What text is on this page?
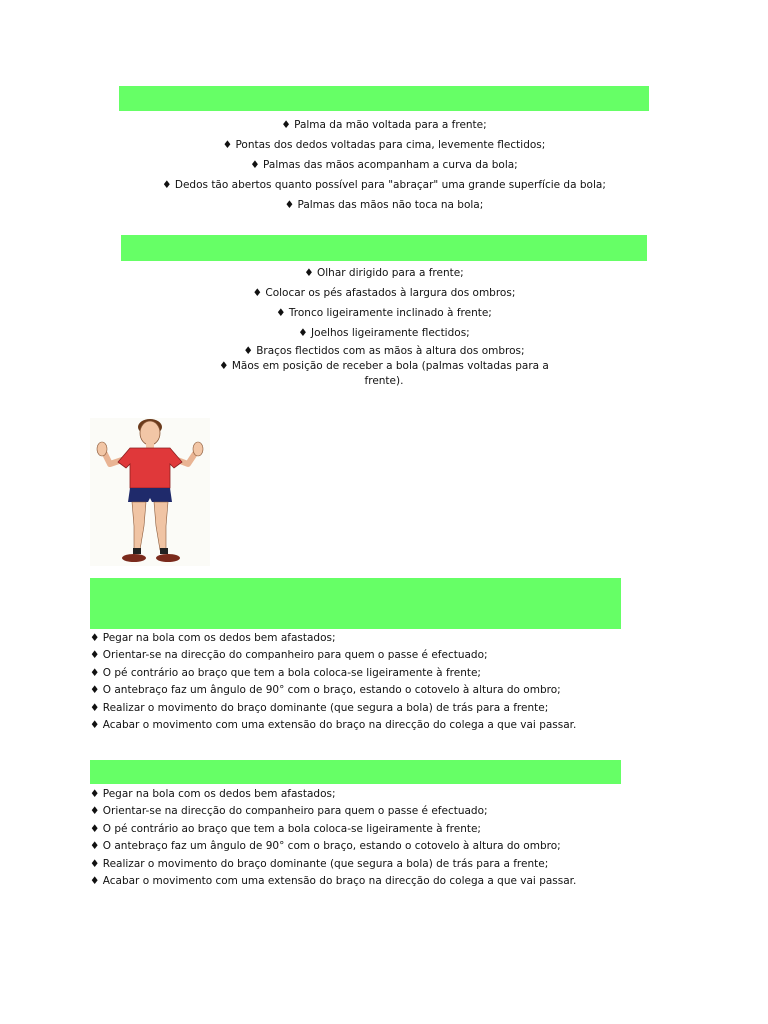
♦ Palma da mão voltada para a frente;
♦ Pontas dos dedos voltadas para cima, levemente flectidos;
♦ Palmas das mãos acompanham a curva da bola;
♦ Dedos tão abertos quanto possível para "abraçar" uma grande superfície da bola;
♦ Palmas das mãos não toca na bola;
♦ Olhar dirigido para a frente;
♦ Colocar os pés afastados à largura dos ombros;
♦ Tronco ligeiramente inclinado à frente;
♦ Joelhos ligeiramente flectidos;
♦ Braços flectidos com as mãos à altura dos ombros;
♦ Mãos em posição de receber a bola (palmas voltadas para a frente).
♦ Pegar na bola com os dedos bem afastados;
♦ Orientar-se na direcção do companheiro para quem o passe é efectuado;
♦ O pé contrário ao braço que tem a bola coloca-se ligeiramente à frente;
♦ O antebraço faz um ângulo de 90° com o braço, estando o cotovelo à altura do ombro;
♦ Realizar o movimento do braço dominante (que segura a bola) de trás para a frente;
♦ Acabar o movimento com uma extensão do braço na direcção do colega a que vai passar.
♦ Pegar na bola com os dedos bem afastados;
♦ Orientar-se na direcção do companheiro para quem o passe é efectuado;
♦ O pé contrário ao braço que tem a bola coloca-se ligeiramente à frente;
♦ O antebraço faz um ângulo de 90° com o braço, estando o cotovelo à altura do ombro;
♦ Realizar o movimento do braço dominante (que segura a bola) de trás para a frente;
♦ Acabar o movimento com uma extensão do braço na direcção do colega a que vai passar.
